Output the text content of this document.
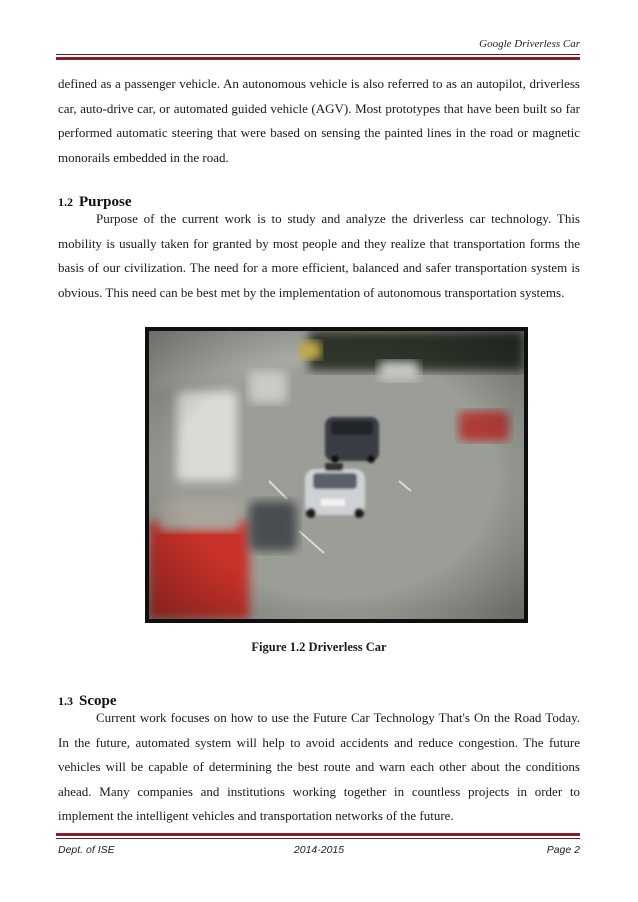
Google Driverless Car

defined as a passenger vehicle. An autonomous vehicle is also referred to as an autopilot, driverless car, auto-drive car, or automated guided vehicle (AGV). Most prototypes that have been built so far performed automatic steering that were based on sensing the painted lines in the road or magnetic monorails embedded in the road.

1.2 Purpose

Purpose of the current work is to study and analyze the driverless car technology. This mobility is usually taken for granted by most people and they realize that transportation forms the basis of our civilization. The need for a more efficient, balanced and safer transportation system is obvious. This need can be best met by the implementation of autonomous transportation systems.

Figure 1.2 Driverless Car

1.3 Scope

Current work focuses on how to use the Future Car Technology That's On the Road Today. In the future, automated system will help to avoid accidents and reduce congestion. The future vehicles will be capable of determining the best route and warn each other about the conditions ahead. Many companies and institutions working together in countless projects in order to implement the intelligent vehicles and transportation networks of the future.

Dept. of ISE	2014-2015	Page 2
